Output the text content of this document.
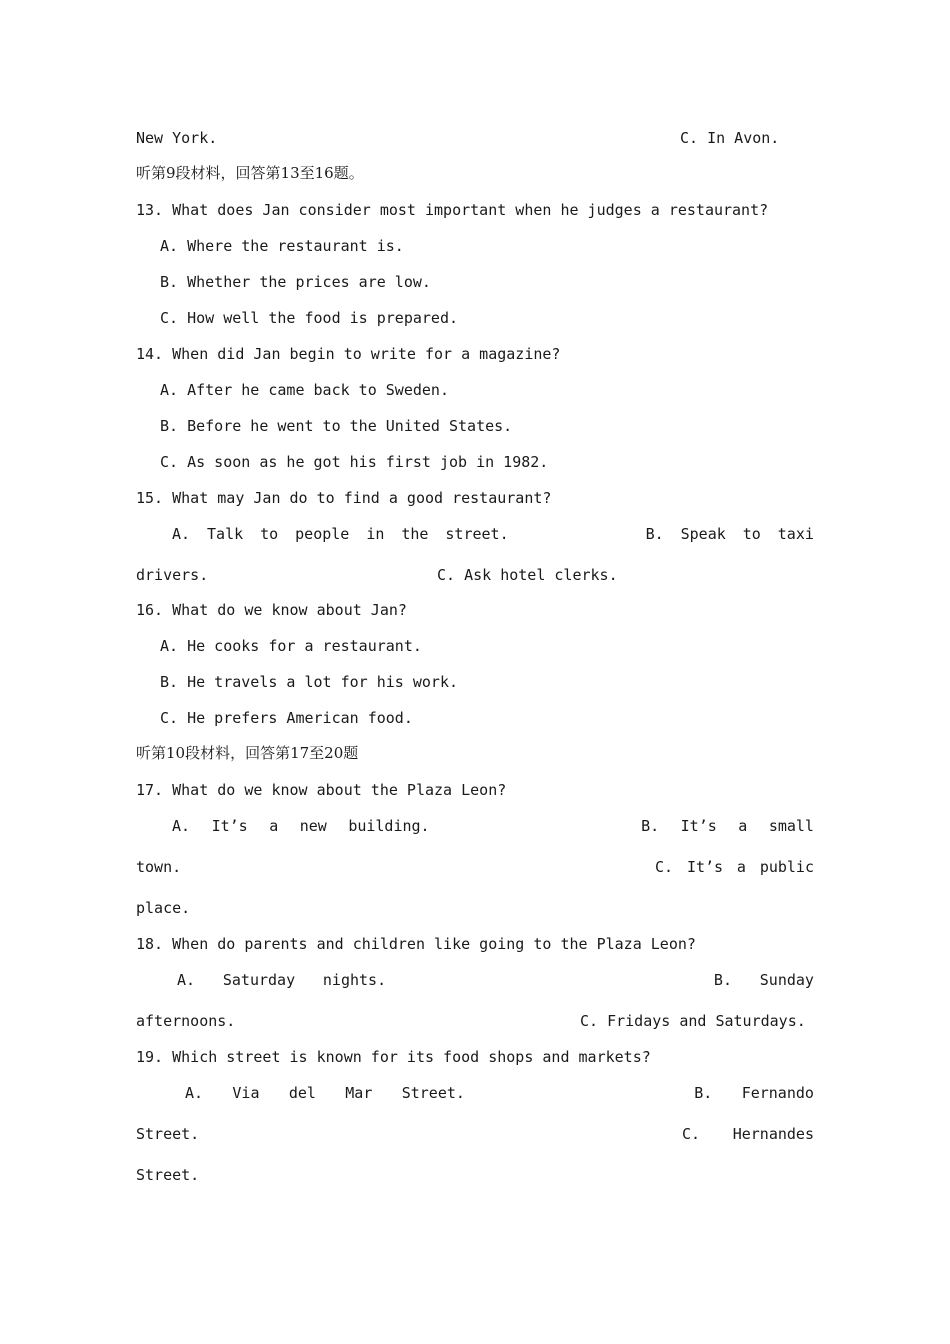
New York.	C. In Avon.
听第9段材料，回答第13至16题。
13. What does Jan consider most important when he judges a restaurant?
A. Where the restaurant is.
B. Whether the prices are low.
C. How well the food is prepared.
14. When did Jan begin to write for a magazine?
A. After he came back to Sweden.
B. Before he went to the United States.
C. As soon as he got his first job in 1982.
15. What may Jan do to find a good restaurant?
A. Talk to people in the street.	B. Speak to taxi
drivers.	C. Ask hotel clerks.
16. What do we know about Jan?
A. He cooks for a restaurant.
B. He travels a lot for his work.
C. He prefers American food.
听第10段材料，回答第17至20题
17. What do we know about the Plaza Leon?
A. It’s a new building.	B. It’s a small
town.	C. It’s a public
place.
18. When do parents and children like going to the Plaza Leon?
A. Saturday nights.	B. Sunday
afternoons.	C. Fridays and Saturdays.
19. Which street is known for its food shops and markets?
A. Via del Mar Street.	B. Fernando
Street.	C. Hernandes
Street.
